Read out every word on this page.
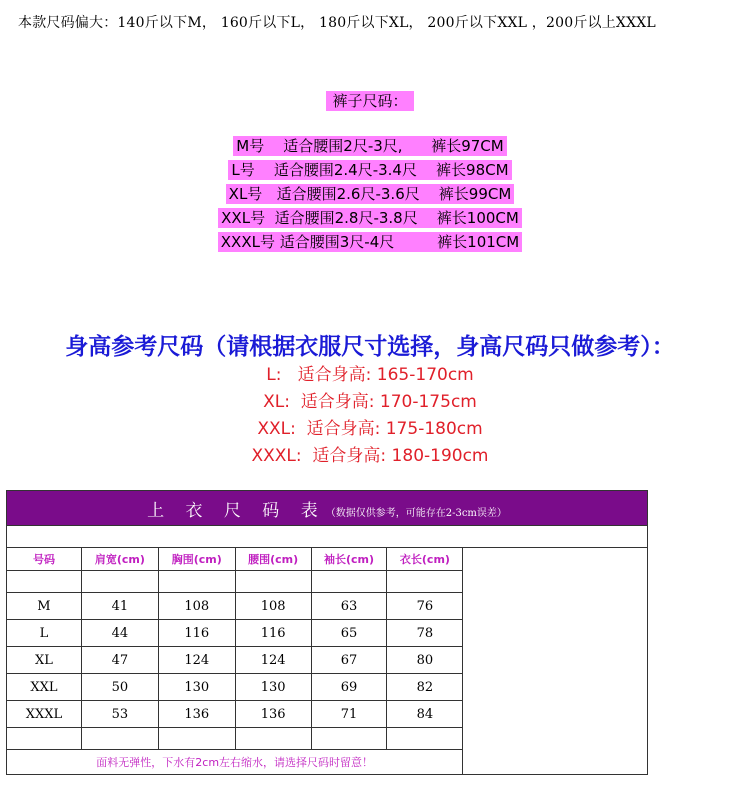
本款尺码偏大：140斤以下M， 160斤以下L， 180斤以下XL， 200斤以下XXL ，200斤以上XXXL
裤子尺码：
M号    适合腰围2尺-3尺,      裤长97CM
L号    适合腰围2.4尺-3.4尺    裤长98CM
XL号   适合腰围2.6尺-3.6尺    裤长99CM
XXL号  适合腰围2.8尺-3.8尺    裤长100CM
XXXL号 适合腰围3尺-4尺         裤长101CM
身高参考尺码（请根据衣服尺寸选择，身高尺码只做参考）：
L:   适合身高: 165-170cm
XL:  适合身高: 170-175cm
XXL:  适合身高: 175-180cm
XXXL:  适合身高: 180-190cm
上 衣 尺 码 表（数据仅供参考，可能存在2-3cm误差）						

号码	肩宽(cm)	胸围(cm)	腰围(cm)	袖长(cm)	衣长(cm)	

M	41	108	108	63	76	
L	44	116	116	65	78	
XL	47	124	124	67	80	
XXL	50	130	130	69	82	
XXXL	53	136	136	71	84	

面料无弹性，下水有2cm左右缩水，请选择尺码时留意！						
